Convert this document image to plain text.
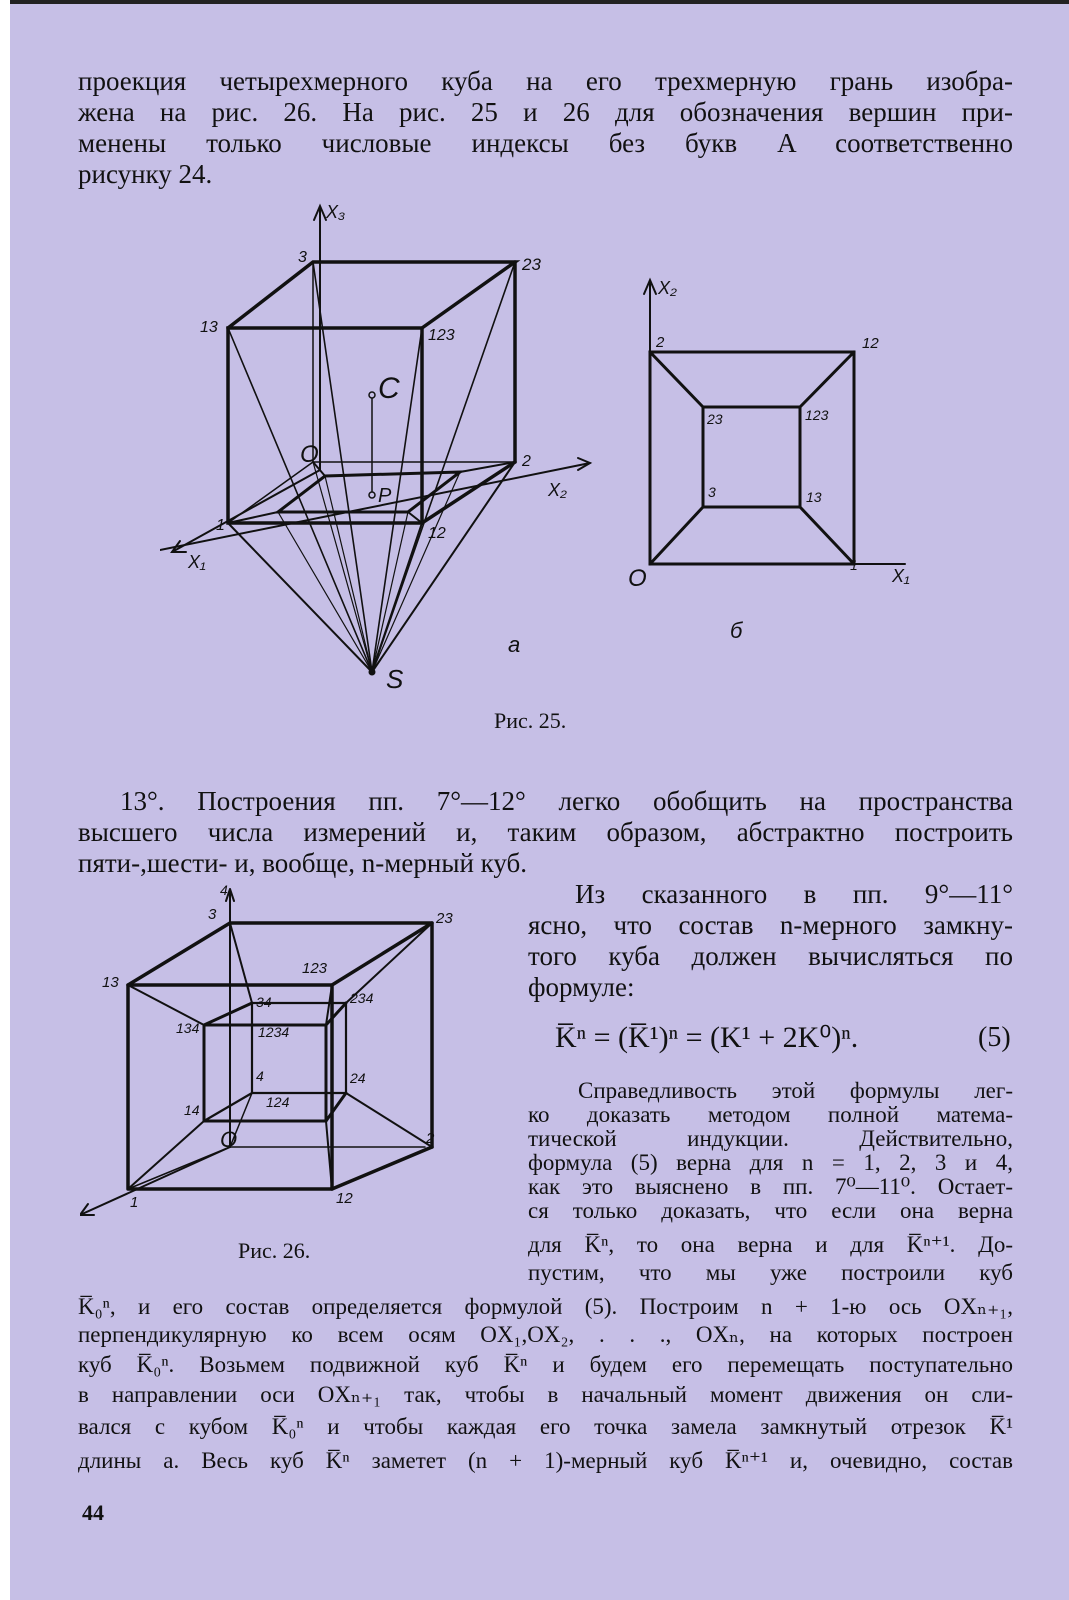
проекция четырехмерного куба на его трехмерную грань изобра-

жена на рис. 26. На рис. 25 и 26 для обозначения вершин при-

менены только числовые индексы без букв A соответственно

рисунку 24.

X₃
3	23
13	123
C
O	2
X₂
P
1	12
X₁
S
a
X₂
2	12
23	123
3	13
O	1
X₁
б

Рис. 25.

13°. Построения пп. 7°—12° легко обобщить на пространства

высшего числа измерений и, таким образом, абстрактно построить

пяти-,шести- и, вообще, n-мерный куб.

Из сказанного в пп. 9°—11°

ясно, что состав n-мерного замкну-

того куба должен вычисляться по

формуле:

K̅ⁿ = (K̅¹)ⁿ = (K¹ + 2K⁰)ⁿ.	(5)

4
3	23
13
123
34	234
134	1234
4	24
14	124
O	2
1	12

Рис. 26.

Справедливость этой формулы лег-

ко доказать методом полной матема-

тической индукции. Действительно,

формула (5) верна для n = 1, 2, 3 и 4,

как это выяснено в пп. 7⁰—11⁰. Остает-

ся только доказать, что если она верна

для K̅ⁿ, то она верна и для K̅ⁿ⁺¹. До-

пустим, что мы уже построили куб

K̅₀ⁿ, и его состав определяется формулой (5). Построим n + 1-ю ось OXₙ₊₁,

перпендикулярную ко всем осям OX₁,OX₂, . . ., OXₙ, на которых построен

куб K̅₀ⁿ. Возьмем подвижной куб K̅ⁿ и будем его перемещать поступательно

в направлении оси OXₙ₊₁ так, чтобы в начальный момент движения он сли-

вался с кубом K̅₀ⁿ и чтобы каждая его точка замела замкнутый отрезок K̅¹

длины a. Весь куб K̅ⁿ заметет (n + 1)-мерный куб K̅ⁿ⁺¹ и, очевидно, состав

44
